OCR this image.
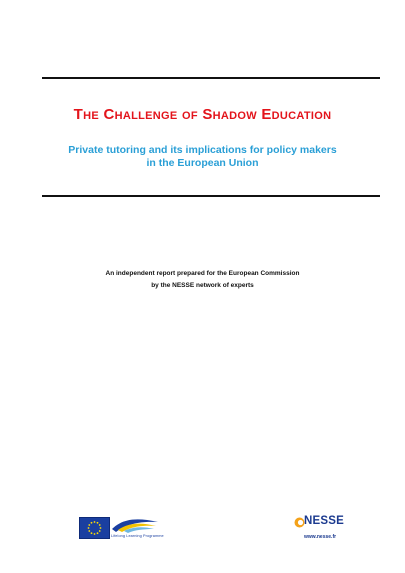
The Challenge of Shadow Education
Private tutoring and its implications for policy makers
in the European Union
An independent report prepared for the European Commission
by the NESSE network of experts
Lifelong Learning Programme
NESSE
www.nesse.fr
